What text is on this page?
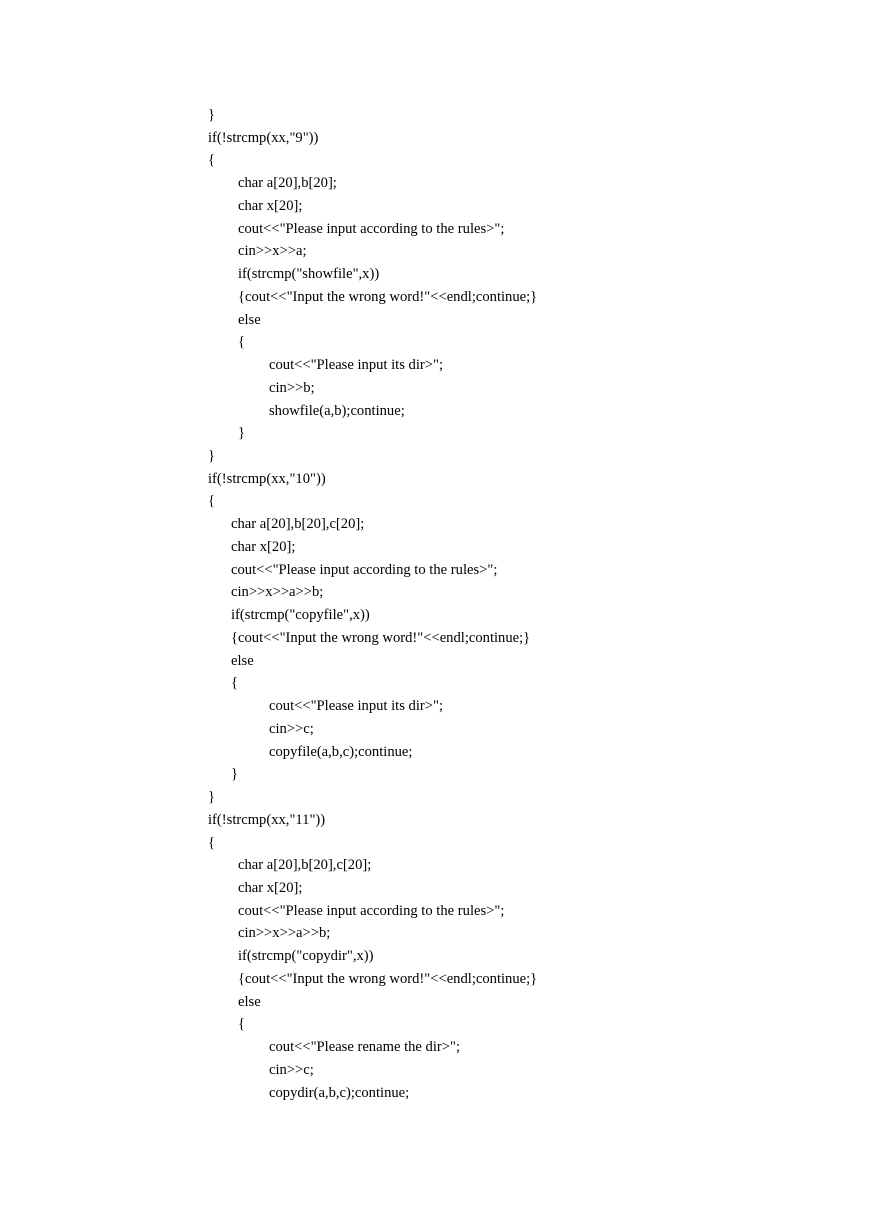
}
if(!strcmp(xx,"9"))
{
char a[20],b[20];
char x[20];
cout<<"Please input according to the rules>";
cin>>x>>a;
if(strcmp("showfile",x))
{cout<<"Input the wrong word!"<<endl;continue;}
else
{
cout<<"Please input its dir>";
cin>>b;
showfile(a,b);continue;
}
}
if(!strcmp(xx,"10"))
{
char a[20],b[20],c[20];
char x[20];
cout<<"Please input according to the rules>";
cin>>x>>a>>b;
if(strcmp("copyfile",x))
{cout<<"Input the wrong word!"<<endl;continue;}
else
{
cout<<"Please input its dir>";
cin>>c;
copyfile(a,b,c);continue;
}
}
if(!strcmp(xx,"11"))
{
char a[20],b[20],c[20];
char x[20];
cout<<"Please input according to the rules>";
cin>>x>>a>>b;
if(strcmp("copydir",x))
{cout<<"Input the wrong word!"<<endl;continue;}
else
{
cout<<"Please rename the dir>";
cin>>c;
copydir(a,b,c);continue;
